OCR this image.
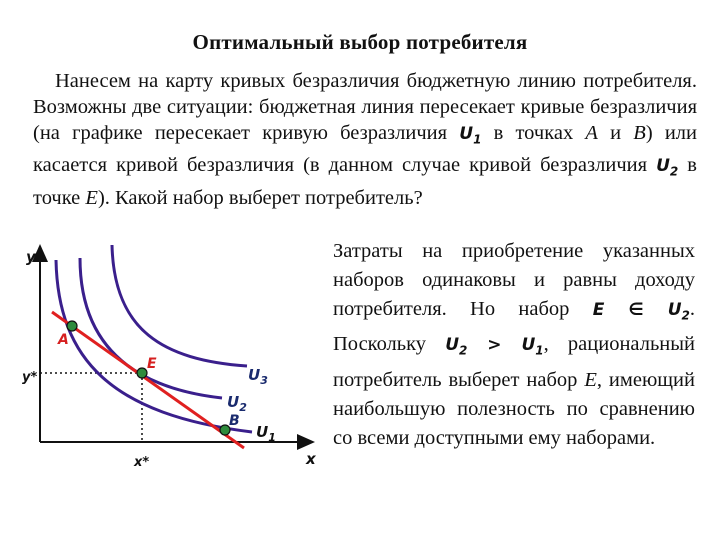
Оптимальный выбор потребителя
Нанесем на карту кривых безразличия бюджетную линию потребителя. Возможны две ситуации: бюджетная линия пересекает кривые безразличия (на графике пересекает кривую безразличия $U_1$ в точках A и B) или касается кривой безразличия (в данном случае кривой безразличия $U_2$ в точке E). Какой набор выберет потребитель?
Затраты на приобретение указанных наборов одинаковы и равны доходу потребителя. Но набор E ∈ $U_2$. Поскольку $U_2 > U_1$, рациональный потребитель выберет набор E, имеющий наибольшую полезность по сравнению со всеми доступными ему наборами.
y
x
y*
x*
A
E
B
$U_3$
$U_2$
$U_1$
